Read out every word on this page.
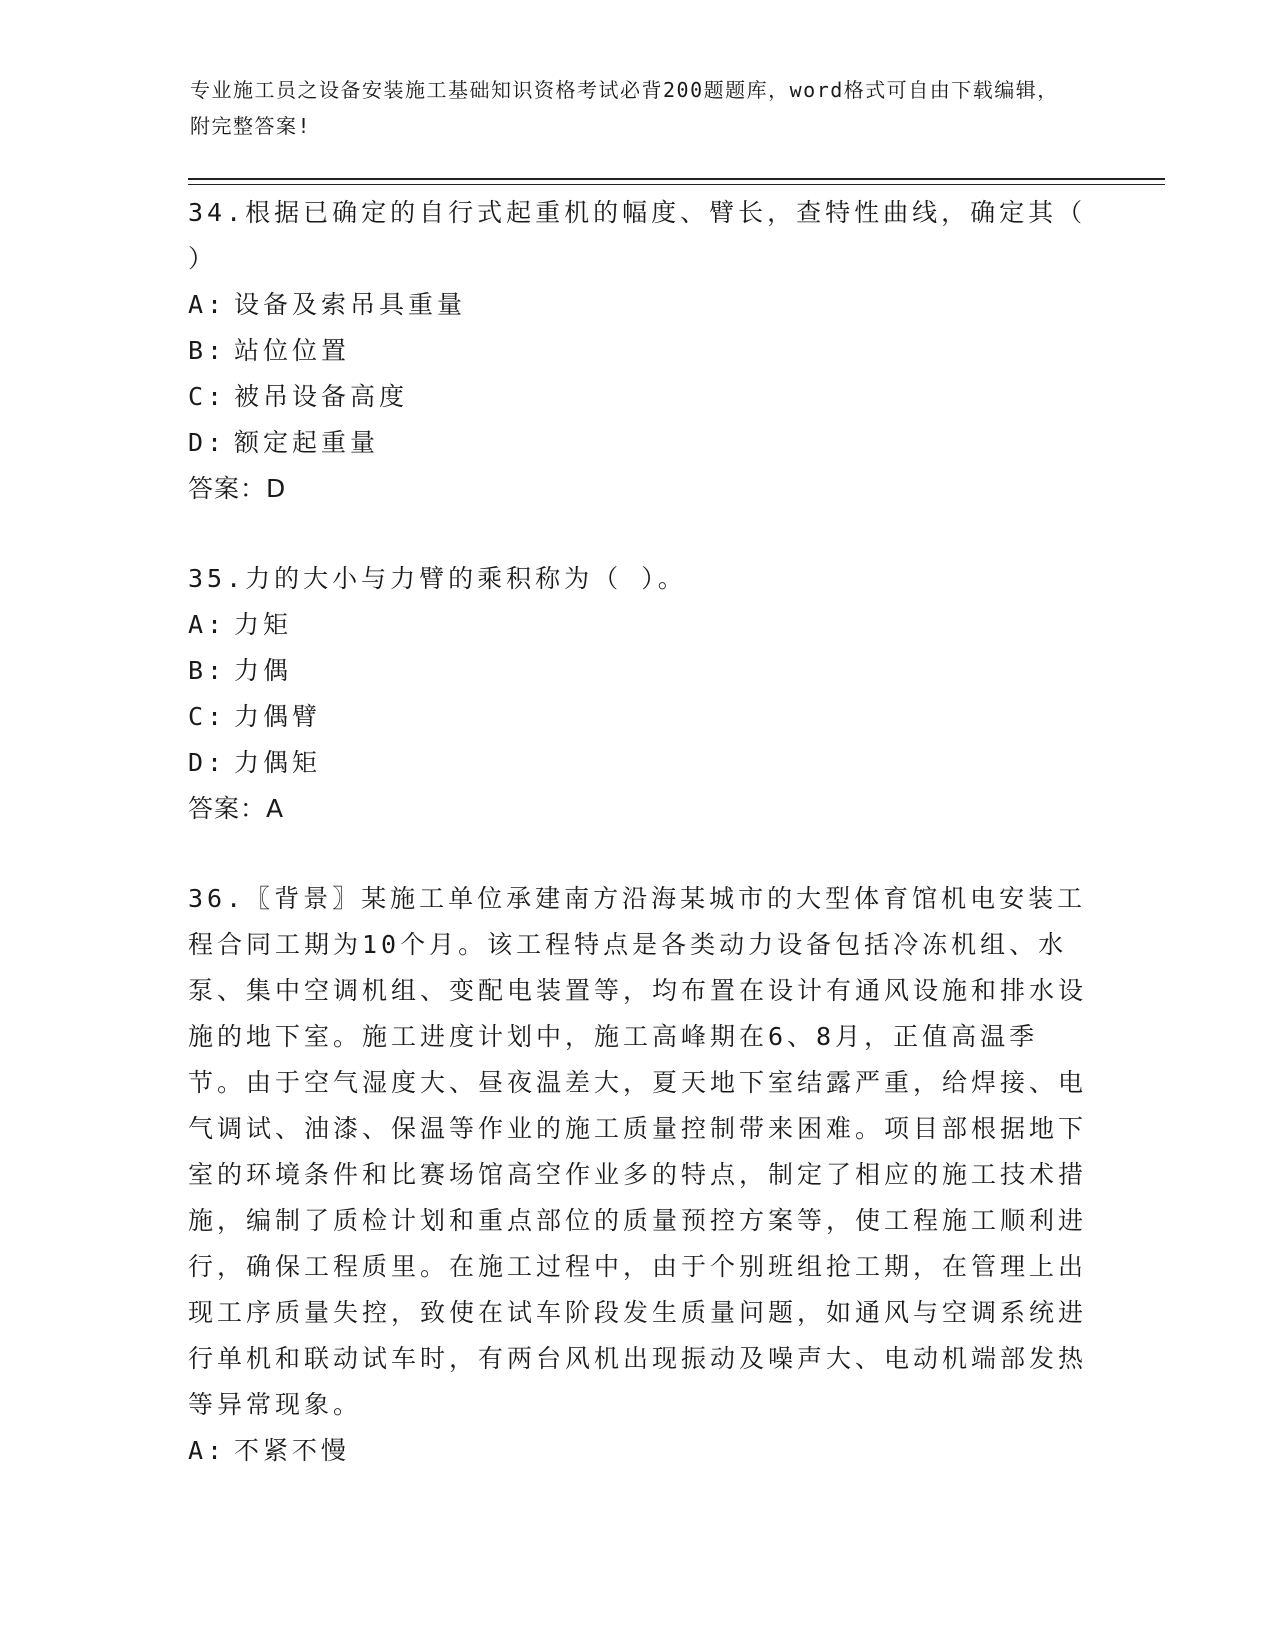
专业施工员之设备安装施工基础知识资格考试必背200题题库，word格式可自由下载编辑，附完整答案!
34.根据已确定的自行式起重机的幅度、臂长，查特性曲线，确定其（ ）
A: 设备及索吊具重量
B: 站位位置
C: 被吊设备高度
D: 额定起重量
答案：D
35.力的大小与力臂的乘积称为（ ）。
A: 力矩
B: 力偶
C: 力偶臂
D: 力偶矩
答案：A
36.〖背景〗某施工单位承建南方沿海某城市的大型体育馆机电安装工程合同工期为10个月。该工程特点是各类动力设备包括冷冻机组、水泵、集中空调机组、变配电装置等，均布置在设计有通风设施和排水设施的地下室。施工进度计划中，施工高峰期在6、8月，正值高温季节。由于空气湿度大、昼夜温差大，夏天地下室结露严重，给焊接、电气调试、油漆、保温等作业的施工质量控制带来困难。项目部根据地下室的环境条件和比赛场馆高空作业多的特点，制定了相应的施工技术措施，编制了质检计划和重点部位的质量预控方案等，使工程施工顺利进行，确保工程质里。在施工过程中，由于个别班组抢工期，在管理上出现工序质量失控，致使在试车阶段发生质量问题，如通风与空调系统进行单机和联动试车时，有两台风机出现振动及噪声大、电动机端部发热等异常现象。
A: 不紧不慢
